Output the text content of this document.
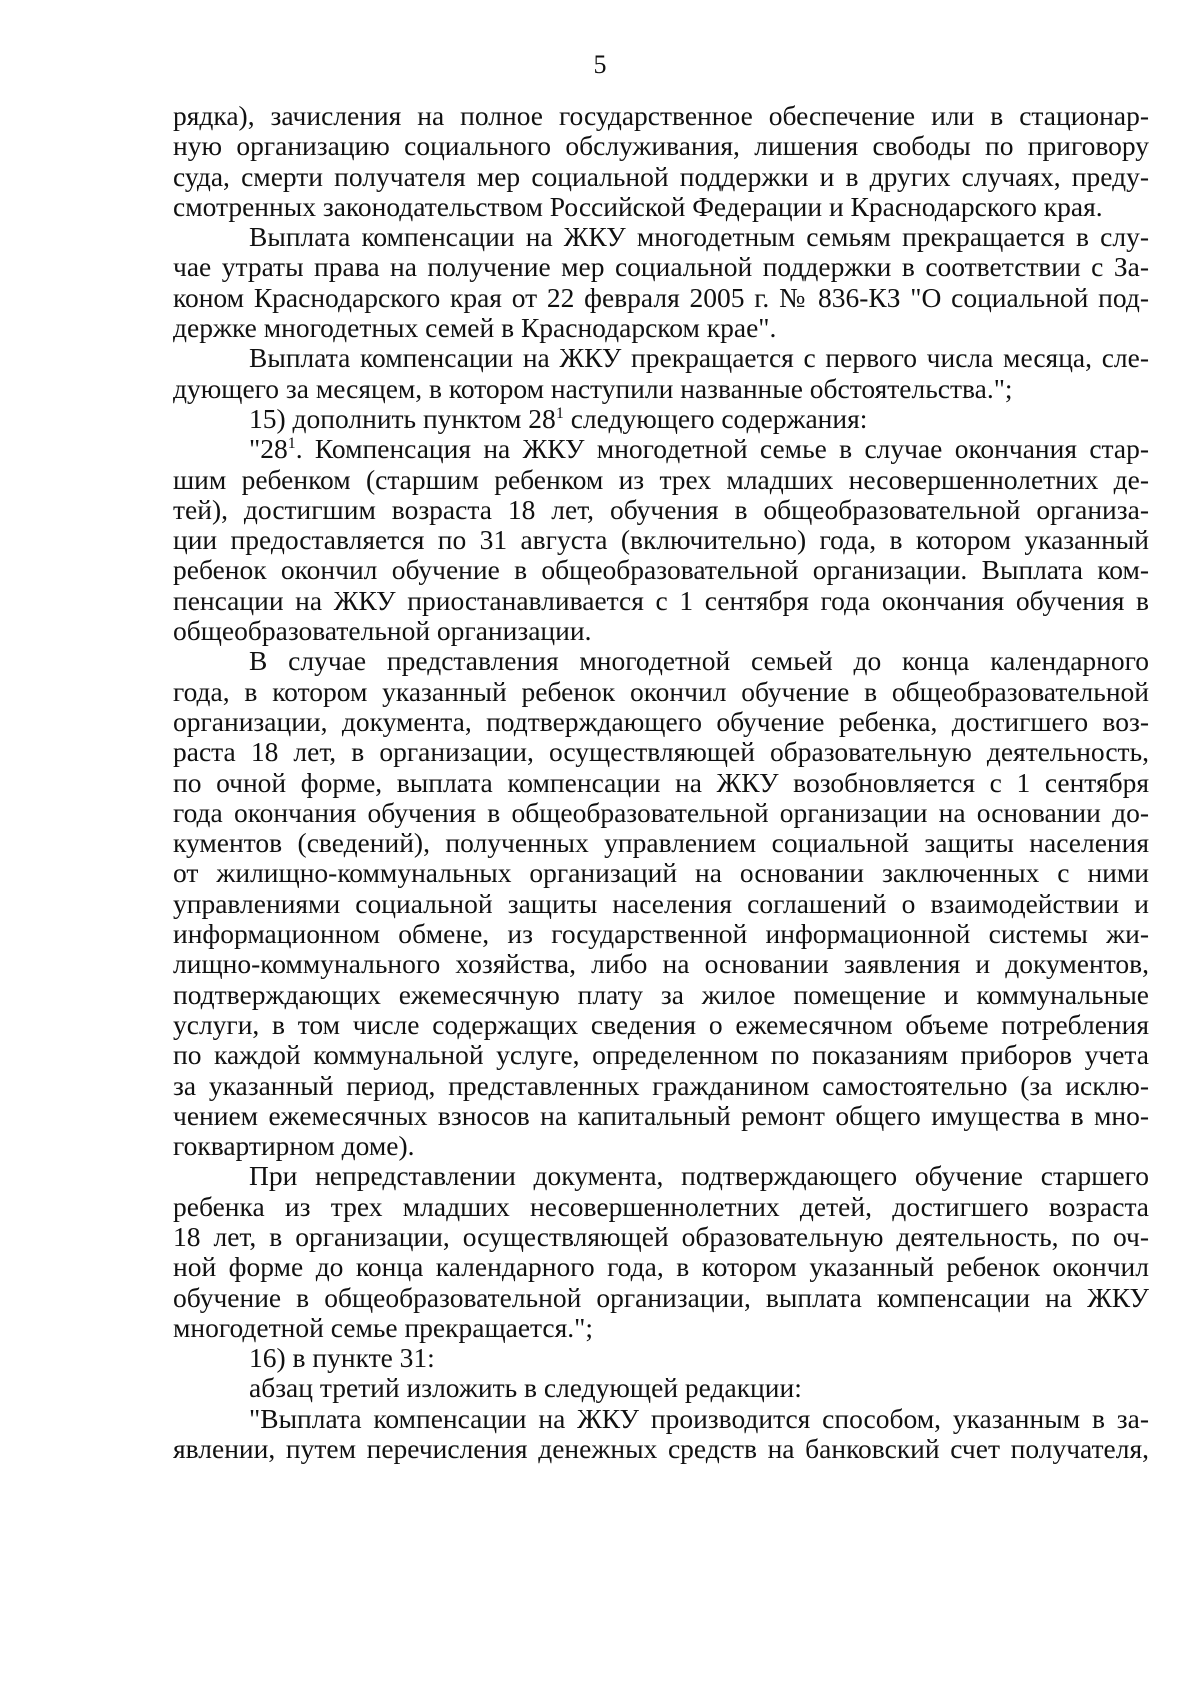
5
рядка), зачисления на полное государственное обеспечение или в стационар-
ную организацию социального обслуживания, лишения свободы по приговору
суда, смерти получателя мер социальной поддержки и в других случаях, преду-
смотренных законодательством Российской Федерации и Краснодарского края.
Выплата компенсации на ЖКУ многодетным семьям прекращается в слу-
чае утраты права на получение мер социальной поддержки в соответствии с За-
коном Краснодарского края от 22 февраля 2005 г. № 836-КЗ "О социальной под-
держке многодетных семей в Краснодарском крае".
Выплата компенсации на ЖКУ прекращается с первого числа месяца, сле-
дующего за месяцем, в котором наступили названные обстоятельства.";
15) дополнить пунктом $28^1$ следующего содержания:
"$28^1$. Компенсация на ЖКУ многодетной семье в случае окончания стар-
шим ребенком (старшим ребенком из трех младших несовершеннолетних де-
тей), достигшим возраста 18 лет, обучения в общеобразовательной организа-
ции предоставляется по 31 августа (включительно) года, в котором указанный
ребенок окончил обучение в общеобразовательной организации. Выплата ком-
пенсации на ЖКУ приостанавливается с 1 сентября года окончания обучения в
общеобразовательной организации.
В случае представления многодетной семьей до конца календарного
года, в котором указанный ребенок окончил обучение в общеобразовательной
организации, документа, подтверждающего обучение ребенка, достигшего воз-
раста 18 лет, в организации, осуществляющей образовательную деятельность,
по очной форме, выплата компенсации на ЖКУ возобновляется с 1 сентября
года окончания обучения в общеобразовательной организации на основании до-
кументов (сведений), полученных управлением социальной защиты населения
от жилищно-коммунальных организаций на основании заключенных с ними
управлениями социальной защиты населения соглашений о взаимодействии и
информационном обмене, из государственной информационной системы жи-
лищно-коммунального хозяйства, либо на основании заявления и документов,
подтверждающих ежемесячную плату за жилое помещение и коммунальные
услуги, в том числе содержащих сведения о ежемесячном объеме потребления
по каждой коммунальной услуге, определенном по показаниям приборов учета
за указанный период, представленных гражданином самостоятельно (за исклю-
чением ежемесячных взносов на капитальный ремонт общего имущества в мно-
гоквартирном доме).
При непредставлении документа, подтверждающего обучение старшего
ребенка из трех младших несовершеннолетних детей, достигшего возраста
18 лет, в организации, осуществляющей образовательную деятельность, по оч-
ной форме до конца календарного года, в котором указанный ребенок окончил
обучение в общеобразовательной организации, выплата компенсации на ЖКУ
многодетной семье прекращается.";
16) в пункте 31:
абзац третий изложить в следующей редакции:
"Выплата компенсации на ЖКУ производится способом, указанным в за-
явлении, путем перечисления денежных средств на банковский счет получателя,
